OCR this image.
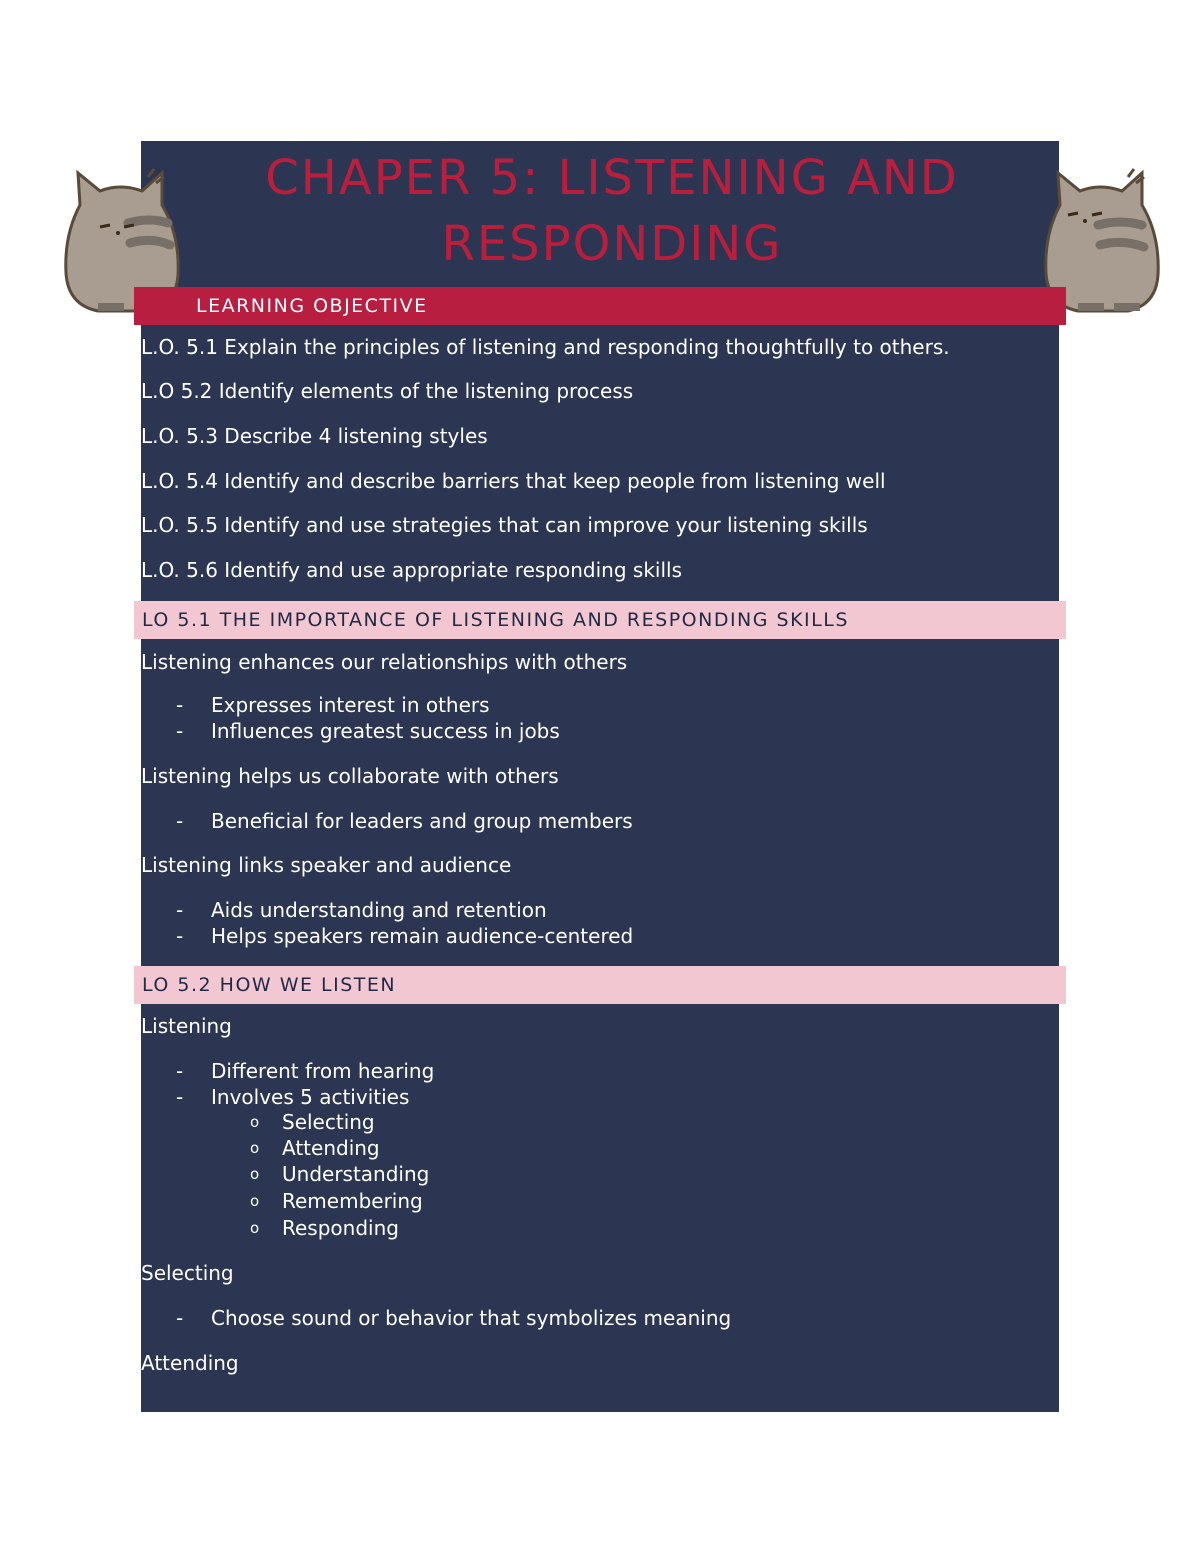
CHAPER 5: LISTENING AND
RESPONDING
LEARNING OBJECTIVE
L.O. 5.1 Explain the principles of listening and responding thoughtfully to others.
L.O 5.2 Identify elements of the listening process
L.O. 5.3 Describe 4 listening styles
L.O. 5.4 Identify and describe barriers that keep people from listening well
L.O. 5.5 Identify and use strategies that can improve your listening skills
L.O. 5.6 Identify and use appropriate responding skills
LO 5.1 THE IMPORTANCE OF LISTENING AND RESPONDING SKILLS
Listening enhances our relationships with others
- Expresses interest in others
- Influences greatest success in jobs
Listening helps us collaborate with others
- Beneficial for leaders and group members
Listening links speaker and audience
- Aids understanding and retention
- Helps speakers remain audience-centered
LO 5.2 HOW WE LISTEN
Listening
- Different from hearing
- Involves 5 activities
o Selecting
o Attending
o Understanding
o Remembering
o Responding
Selecting
- Choose sound or behavior that symbolizes meaning
Attending
